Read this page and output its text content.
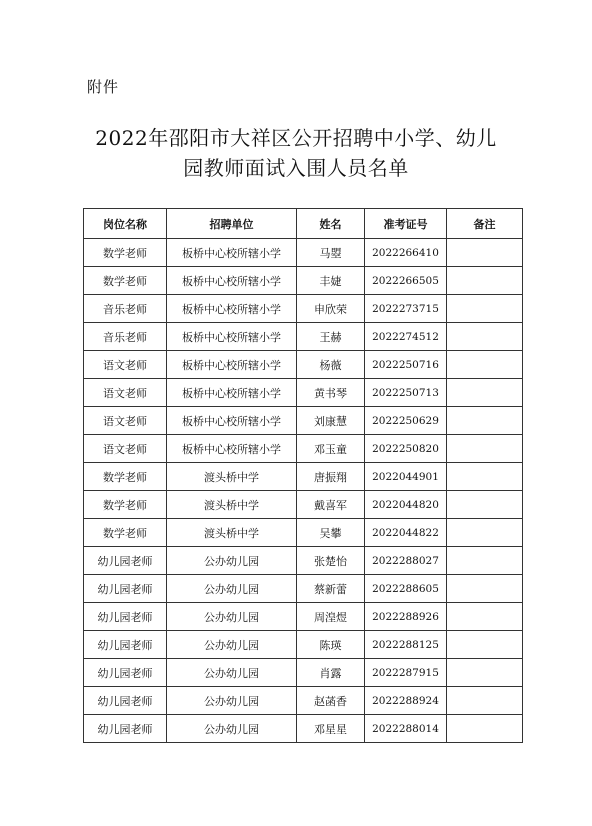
附件
2022年邵阳市大祥区公开招聘中小学、幼儿
园教师面试入围人员名单
岗位名称	招聘单位	姓名	准考证号	备注
数学老师	板桥中心校所辖小学	马曌	2022266410	
数学老师	板桥中心校所辖小学	丰婕	2022266505	
音乐老师	板桥中心校所辖小学	申欣荣	2022273715	
音乐老师	板桥中心校所辖小学	王赫	2022274512	
语文老师	板桥中心校所辖小学	杨薇	2022250716	
语文老师	板桥中心校所辖小学	黄书琴	2022250713	
语文老师	板桥中心校所辖小学	刘康慧	2022250629	
语文老师	板桥中心校所辖小学	邓玉童	2022250820	
数学老师	渡头桥中学	唐振翔	2022044901	
数学老师	渡头桥中学	戴喜军	2022044820	
数学老师	渡头桥中学	吴攀	2022044822	
幼儿园老师	公办幼儿园	张楚怡	2022288027	
幼儿园老师	公办幼儿园	蔡新蕾	2022288605	
幼儿园老师	公办幼儿园	周湟煜	2022288926	
幼儿园老师	公办幼儿园	陈瑛	2022288125	
幼儿园老师	公办幼儿园	肖露	2022287915	
幼儿园老师	公办幼儿园	赵菡香	2022288924	
幼儿园老师	公办幼儿园	邓星星	2022288014	
